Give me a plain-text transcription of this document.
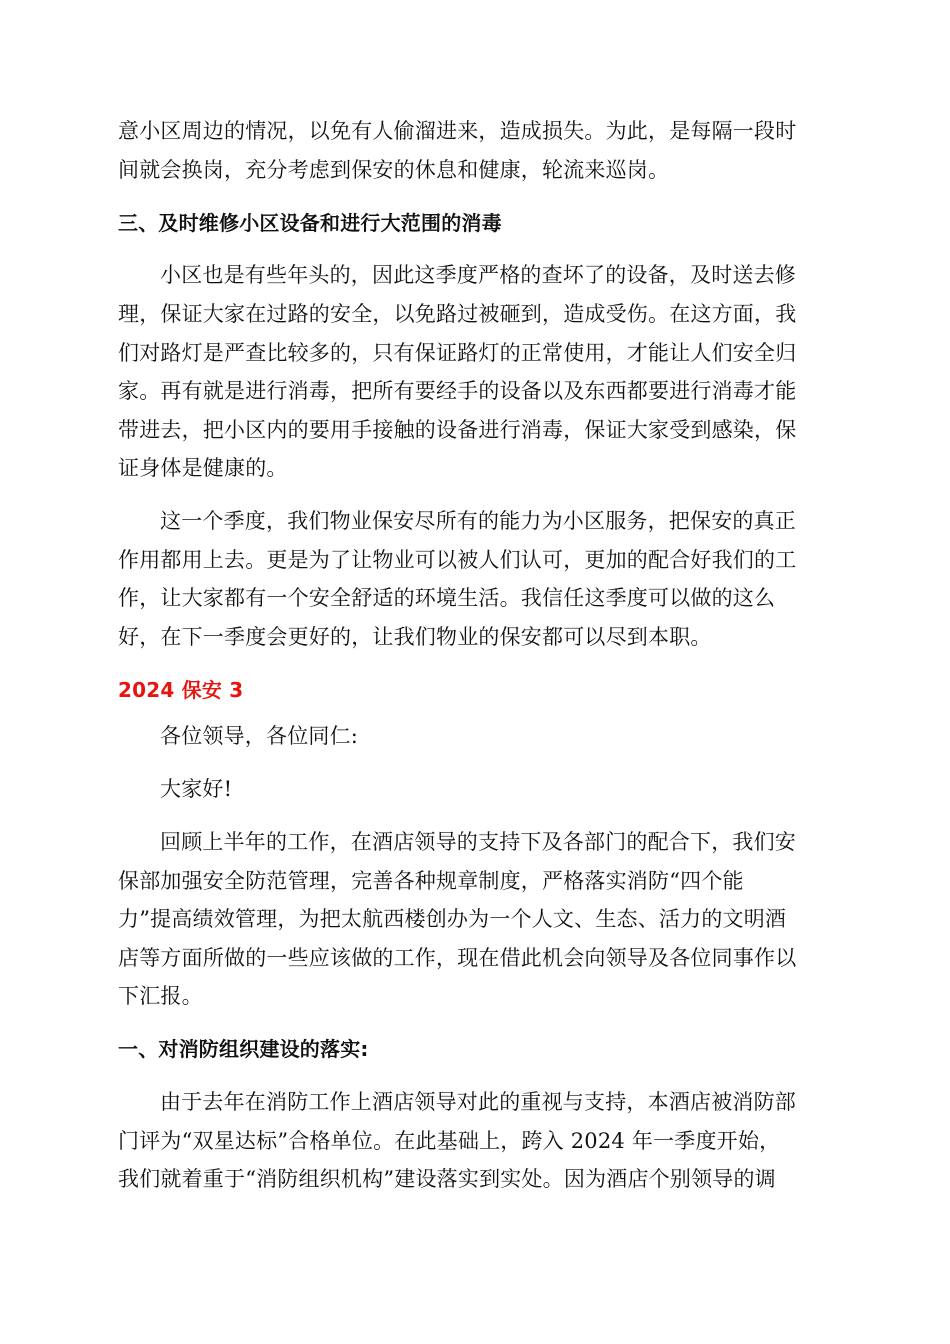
意小区周边的情况，以免有人偷溜进来，造成损失。为此，是每隔一段时
间就会换岗，充分考虑到保安的休息和健康，轮流来巡岗。
三、及时维修小区设备和进行大范围的消毒
小区也是有些年头的，因此这季度严格的查坏了的设备，及时送去修
理，保证大家在过路的安全，以免路过被砸到，造成受伤。在这方面，我
们对路灯是严查比较多的，只有保证路灯的正常使用，才能让人们安全归
家。再有就是进行消毒，把所有要经手的设备以及东西都要进行消毒才能
带进去，把小区内的要用手接触的设备进行消毒，保证大家受到感染，保
证身体是健康的。
这一个季度，我们物业保安尽所有的能力为小区服务，把保安的真正
作用都用上去。更是为了让物业可以被人们认可，更加的配合好我们的工
作，让大家都有一个安全舒适的环境生活。我信任这季度可以做的这么
好，在下一季度会更好的，让我们物业的保安都可以尽到本职。
2024 保安 3
各位领导，各位同仁:
大家好!
回顾上半年的工作，在酒店领导的支持下及各部门的配合下，我们安
保部加强安全防范管理，完善各种规章制度，严格落实消防“四个能
力”提高绩效管理，为把太航西楼创办为一个人文、生态、活力的文明酒
店等方面所做的一些应该做的工作，现在借此机会向领导及各位同事作以
下汇报。
一、对消防组织建设的落实:
由于去年在消防工作上酒店领导对此的重视与支持，本酒店被消防部
门评为“双星达标”合格单位。在此基础上，跨入 2024 年一季度开始，
我们就着重于“消防组织机构”建设落实到实处。因为酒店个别领导的调
